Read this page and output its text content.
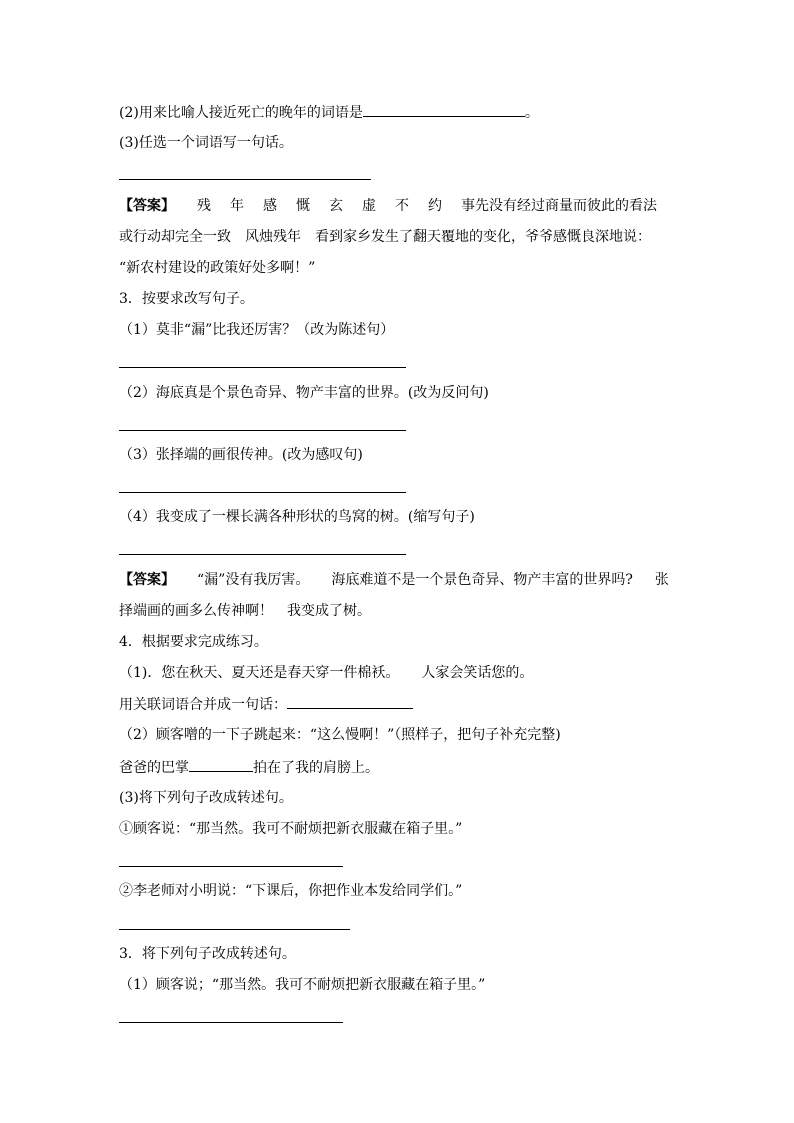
(2)用来比喻人接近死亡的晚年的词语是	。
(3)任选一个词语写一句话。
【答案】 残 年 感 慨 玄 虚 不 约 事先没有经过商量而彼此的看法
或行动却完全一致 风烛残年 看到家乡发生了翻天覆地的变化，爷爷感慨良深地说：
“新农村建设的政策好处多啊！”
3．按要求改写句子。
（1）莫非“漏”比我还厉害？（改为陈述句）
（2）海底真是个景色奇异、物产丰富的世界。(改为反问句)
（3）张择端的画很传神。(改为感叹句)
（4）我变成了一棵长满各种形状的鸟窝的树。(缩写句子)
【答案】 “漏”没有我厉害。 海底难道不是一个景色奇异、物产丰富的世界吗? 张
择端画的画多么传神啊！ 我变成了树。
4．根据要求完成练习。
（1)．您在秋天、夏天还是春天穿一件棉袄。 人家会笑话您的。
用关联词语合并成一句话：
（2）顾客噌的一下子跳起来：“这么慢啊！”（照样子，把句子补充完整)
爸爸的巴掌	拍在了我的肩膀上。
(3)将下列句子改成转述句。
①顾客说：“那当然。我可不耐烦把新衣服藏在箱子里。”
②李老师对小明说：“下课后，你把作业本发给同学们。”
3．将下列句子改成转述句。
（1）顾客说；“那当然。我可不耐烦把新衣服藏在箱子里。”
